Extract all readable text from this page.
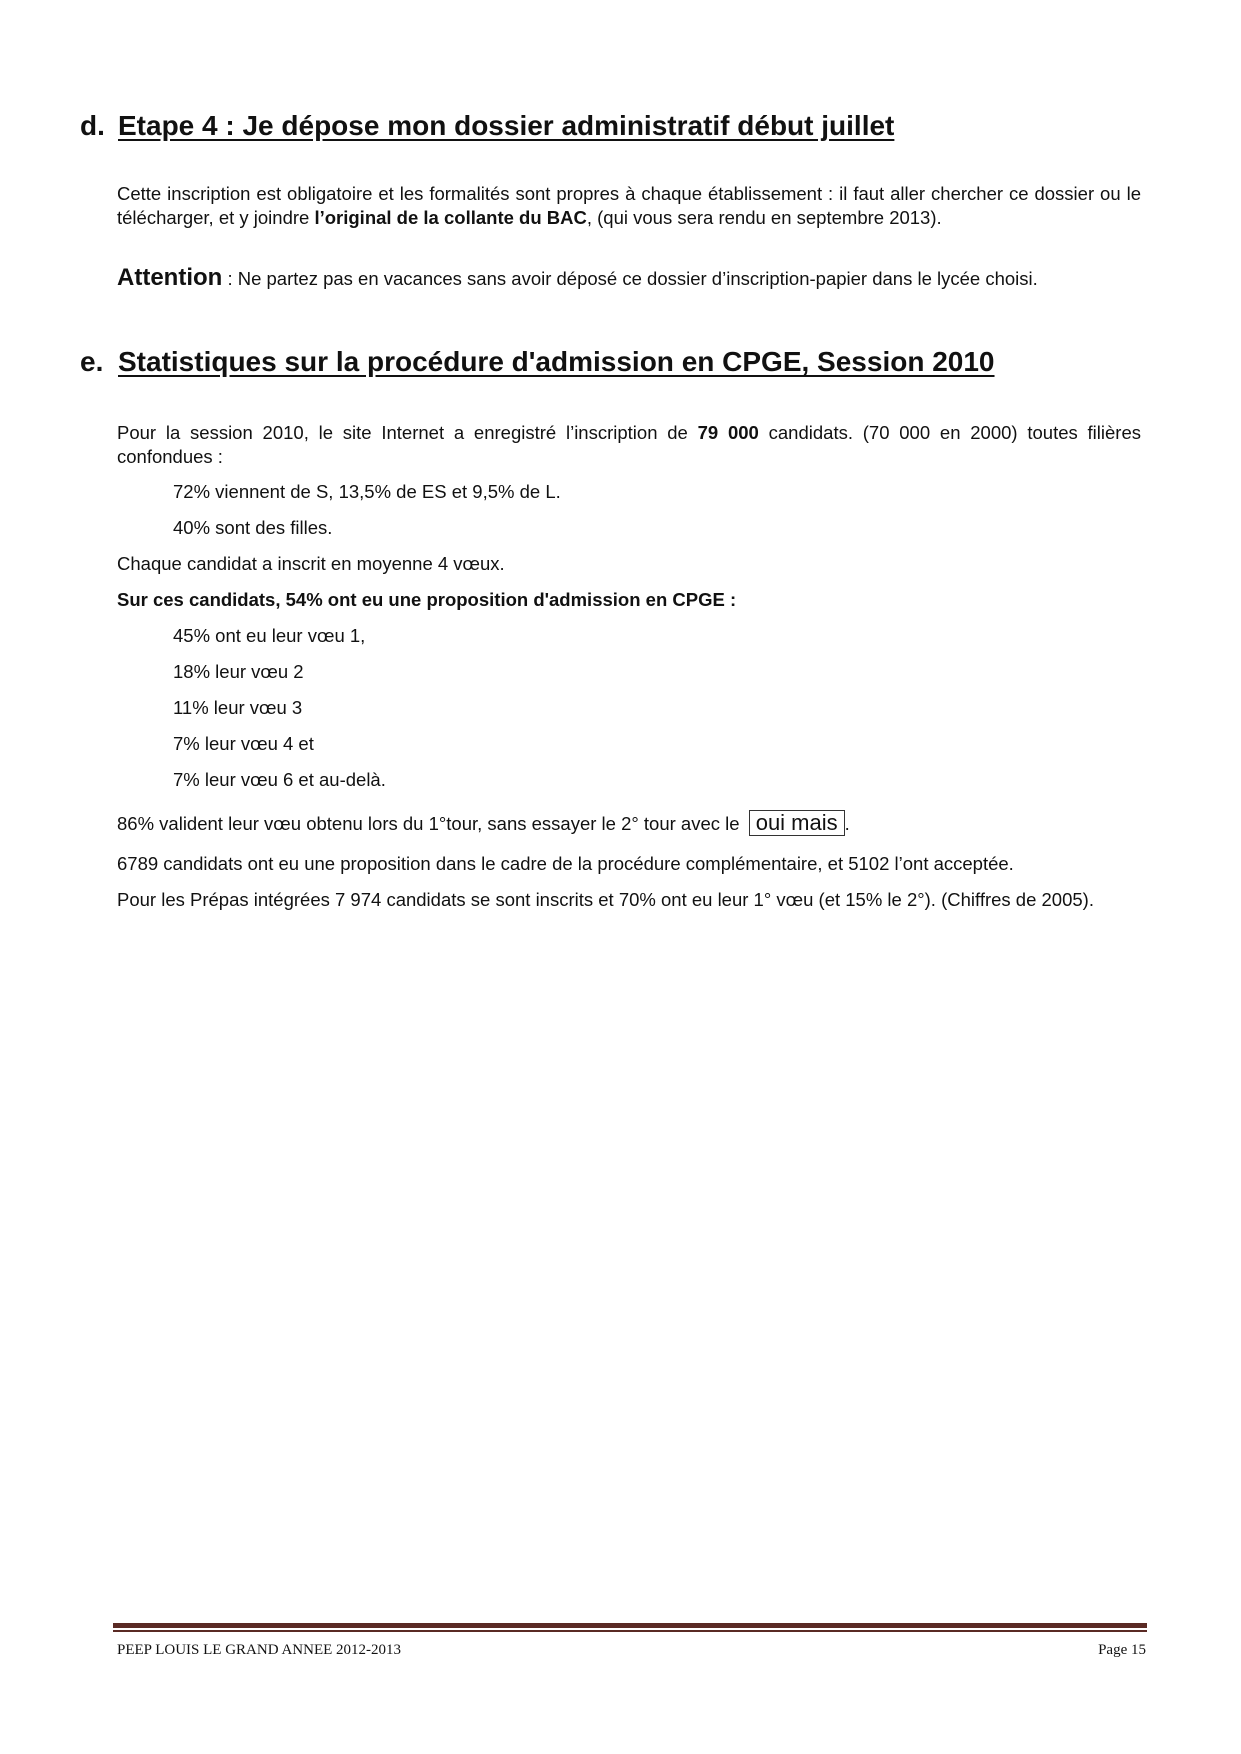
d. Etape 4 : Je dépose mon dossier administratif début juillet
Cette inscription est obligatoire et les formalités sont propres à chaque établissement : il faut aller chercher ce dossier ou le télécharger, et y joindre l’original de la collante du BAC, (qui vous sera rendu en septembre 2013).
Attention : Ne partez pas en vacances sans avoir déposé ce dossier d’inscription-papier dans le lycée choisi.
e. Statistiques sur la procédure d'admission en CPGE, Session 2010
Pour la session 2010, le site Internet a enregistré l’inscription de 79 000 candidats. (70 000 en 2000) toutes filières confondues :
72% viennent de S, 13,5% de ES et 9,5% de L.
40% sont des filles.
Chaque candidat a inscrit en moyenne 4 vœux.
Sur ces candidats, 54% ont eu une proposition d'admission en CPGE :
45% ont eu leur vœu 1,
18% leur vœu 2
11% leur vœu 3
7% leur vœu 4 et
7% leur vœu 6 et au-delà.
86% valident leur vœu obtenu lors du 1°tour, sans essayer le 2° tour avec le oui mais .
6789 candidats ont eu une proposition dans le cadre de la procédure complémentaire, et 5102 l’ont acceptée.
Pour les Prépas intégrées 7 974 candidats se sont inscrits et 70% ont eu leur 1° vœu (et 15% le 2°). (Chiffres de 2005).
PEEP LOUIS LE GRAND ANNEE 2012-2013	Page 15
